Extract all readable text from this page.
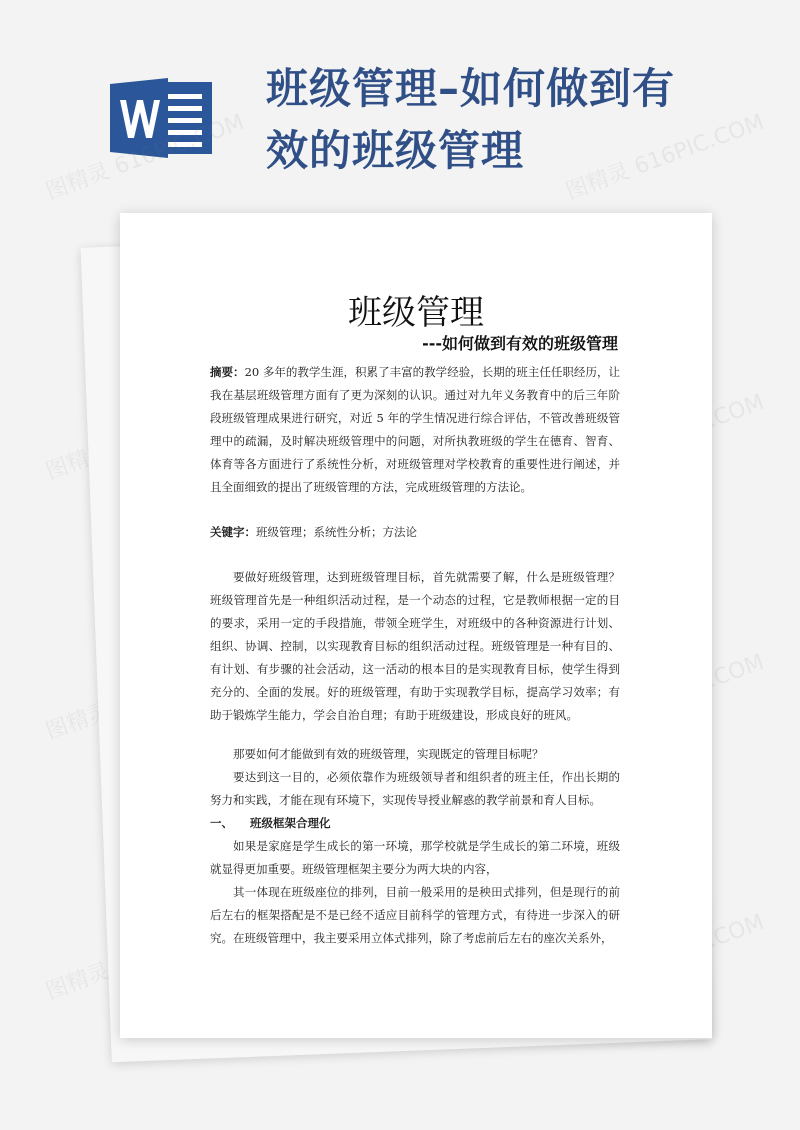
班级管理–如何做到有效的班级管理
图精灵 616PIC.COM	图精灵 616PIC.COM
图精灵
图精灵
图精灵
班级管理
---如何做到有效的班级管理

摘要：20 多年的教学生涯，积累了丰富的教学经验，长期的班主任任职经历，让我在基层班级管理方面有了更为深刻的认识。通过对九年义务教育中的后三年阶段班级管理成果进行研究，对近 5 年的学生情况进行综合评估，不管改善班级管理中的疏漏，及时解决班级管理中的问题，对所执教班级的学生在德育、智育、体育等各方面进行了系统性分析，对班级管理对学校教育的重要性进行阐述，并且全面细致的提出了班级管理的方法，完成班级管理的方法论。

关键字：班级管理；系统性分析；方法论

要做好班级管理，达到班级管理目标，首先就需要了解，什么是班级管理？班级管理首先是一种组织活动过程，是一个动态的过程，它是教师根据一定的目的要求，采用一定的手段措施，带领全班学生，对班级中的各种资源进行计划、组织、协调、控制，以实现教育目标的组织活动过程。班级管理是一种有目的、有计划、有步骤的社会活动，这一活动的根本目的是实现教育目标，使学生得到充分的、全面的发展。好的班级管理，有助于实现教学目标，提高学习效率；有助于锻炼学生能力，学会自治自理；有助于班级建设，形成良好的班风。

那要如何才能做到有效的班级管理，实现既定的管理目标呢？

要达到这一目的，必须依靠作为班级领导者和组织者的班主任，作出长期的努力和实践，才能在现有环境下，实现传导授业解惑的教学前景和育人目标。

一、 班级框架合理化

如果是家庭是学生成长的第一环境，那学校就是学生成长的第二环境，班级就显得更加重要。班级管理框架主要分为两大块的内容，

其一体现在班级座位的排列，目前一般采用的是秧田式排列，但是现行的前后左右的框架搭配是不是已经不适应目前科学的管理方式，有待进一步深入的研究。在班级管理中，我主要采用立体式排列，除了考虑前后左右的座次关系外，
